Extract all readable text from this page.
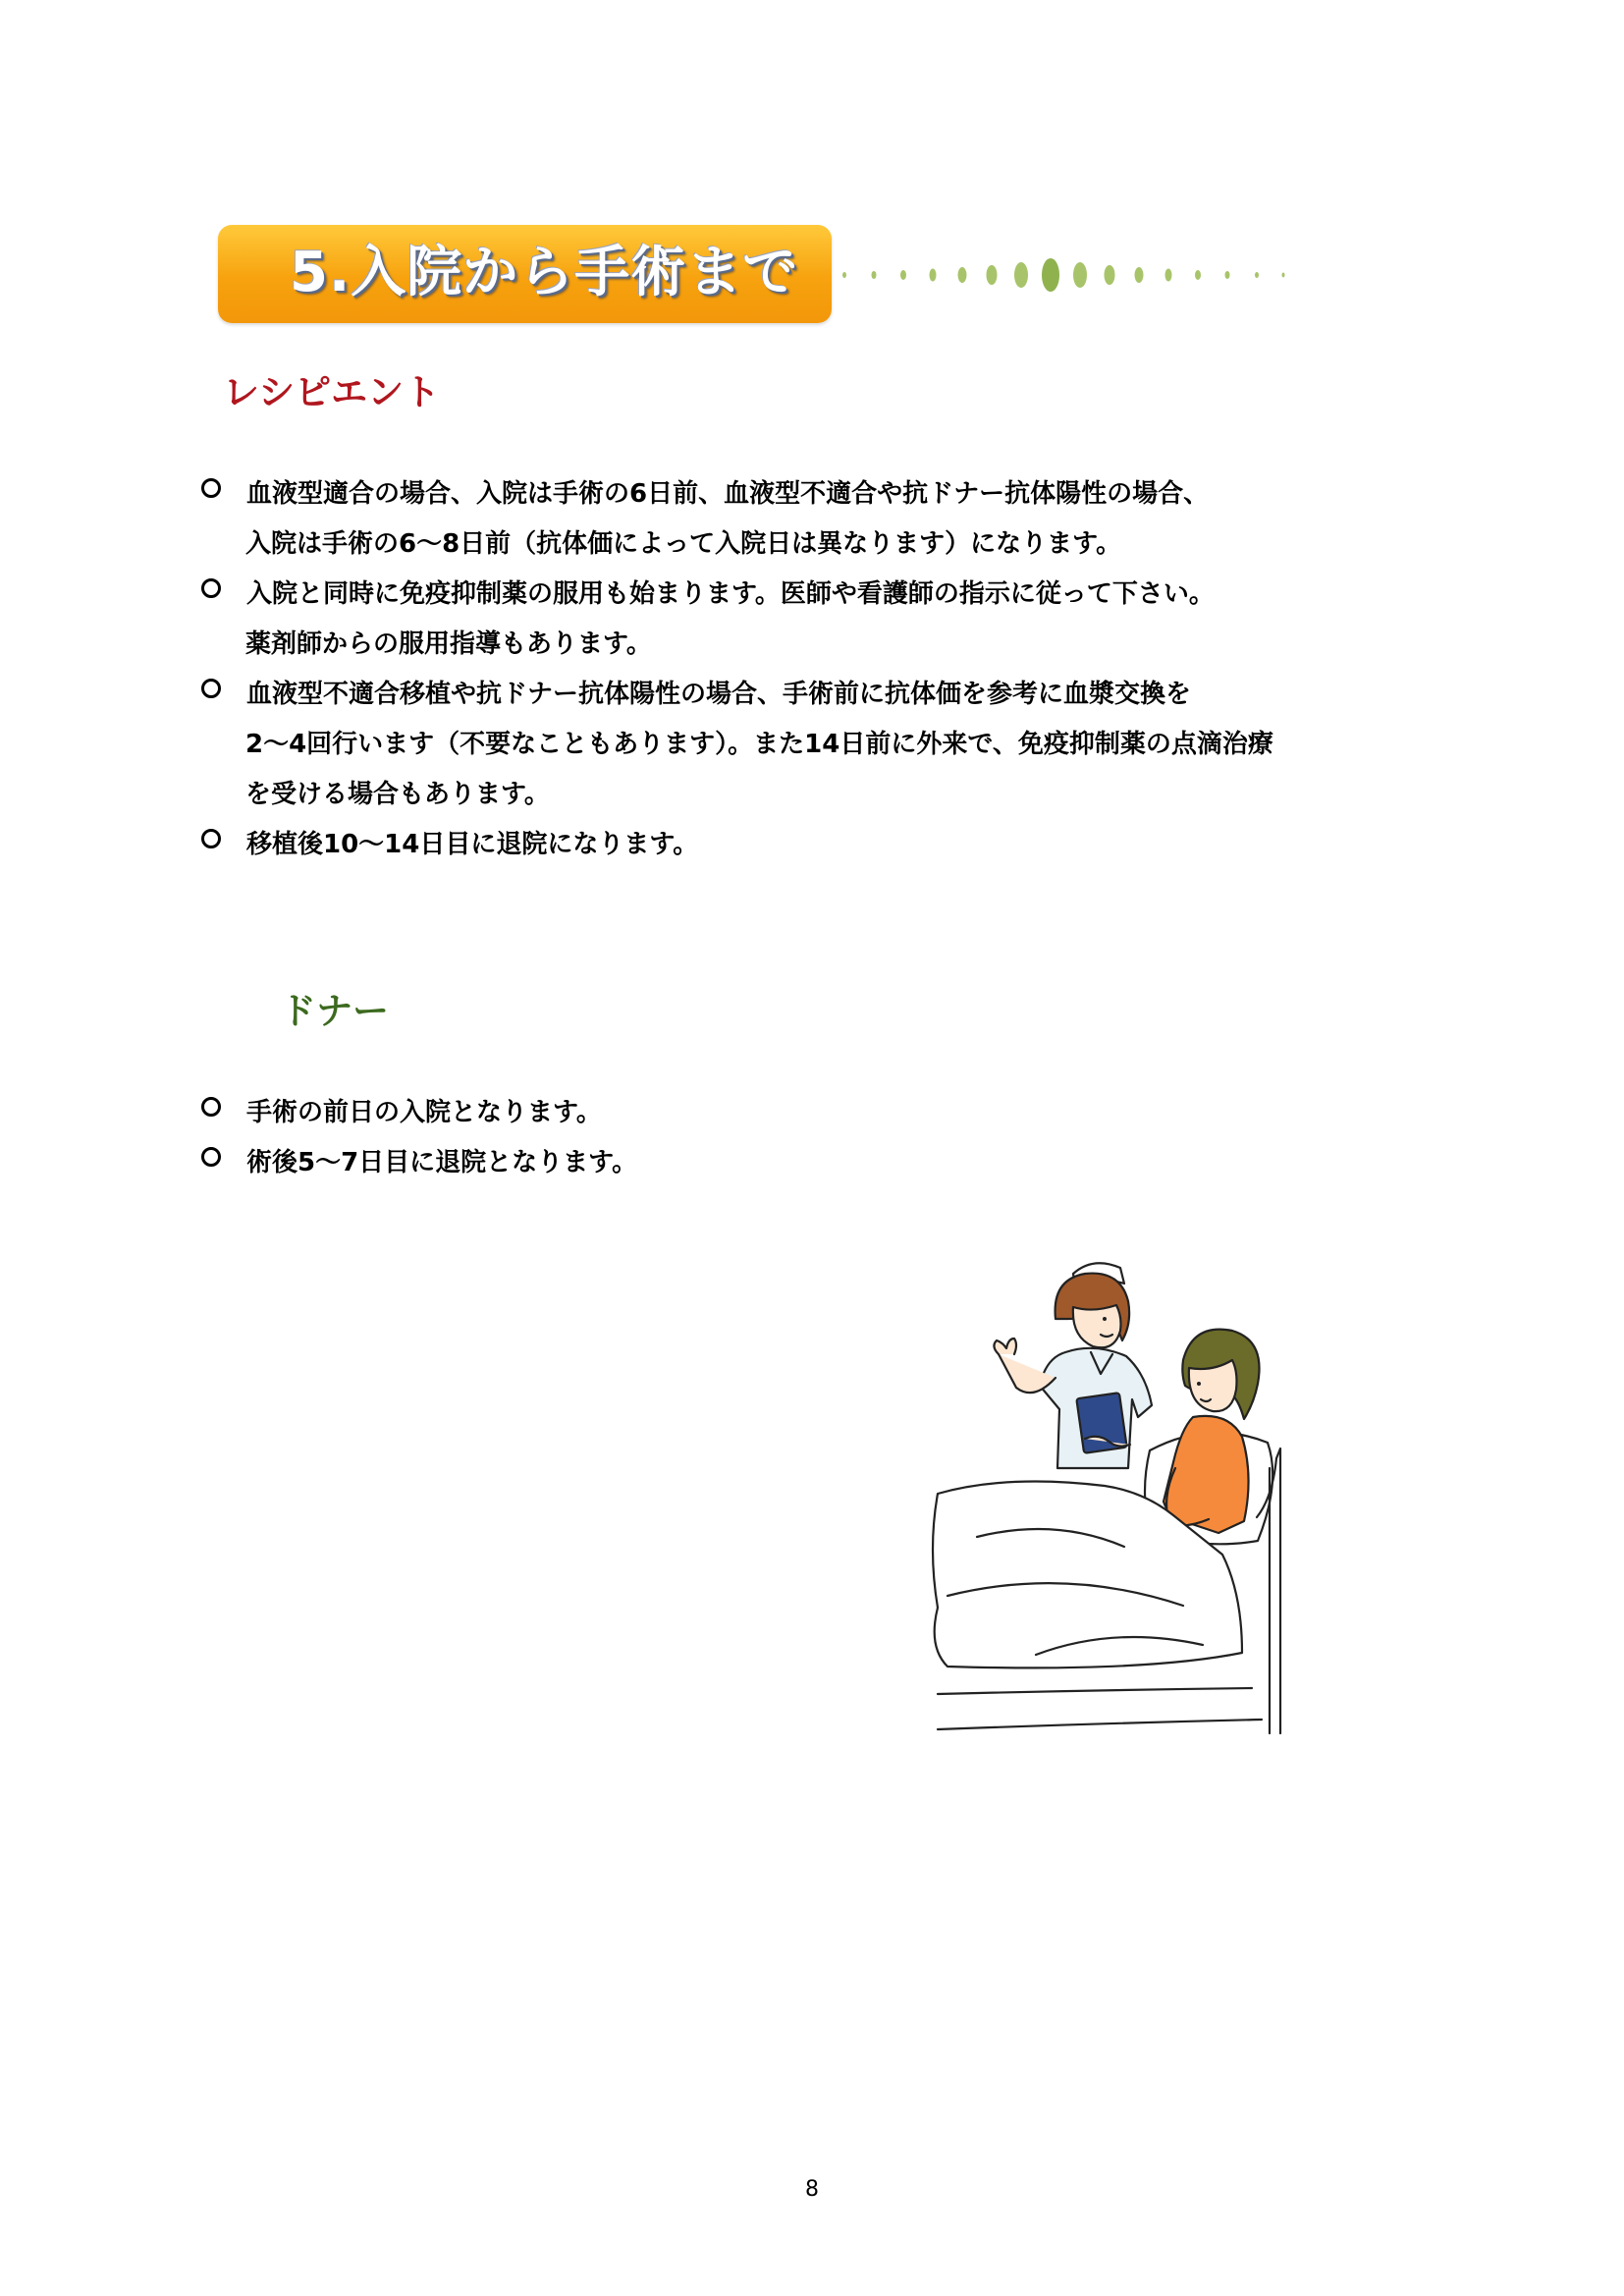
5.入院から手術まで
レシピエント
血液型適合の場合、入院は手術の6日前、血液型不適合や抗ドナー抗体陽性の場合、
入院は手術の6～8日前（抗体価によって入院日は異なります）になります。
入院と同時に免疫抑制薬の服用も始まります。医師や看護師の指示に従って下さい。
薬剤師からの服用指導もあります。
血液型不適合移植や抗ドナー抗体陽性の場合、手術前に抗体価を参考に血漿交換を
2～4回行います（不要なこともあります）。また14日前に外来で、免疫抑制薬の点滴治療
を受ける場合もあります。
移植後10～14日目に退院になります。
ドナー
手術の前日の入院となります。
術後5～7日目に退院となります。
8
